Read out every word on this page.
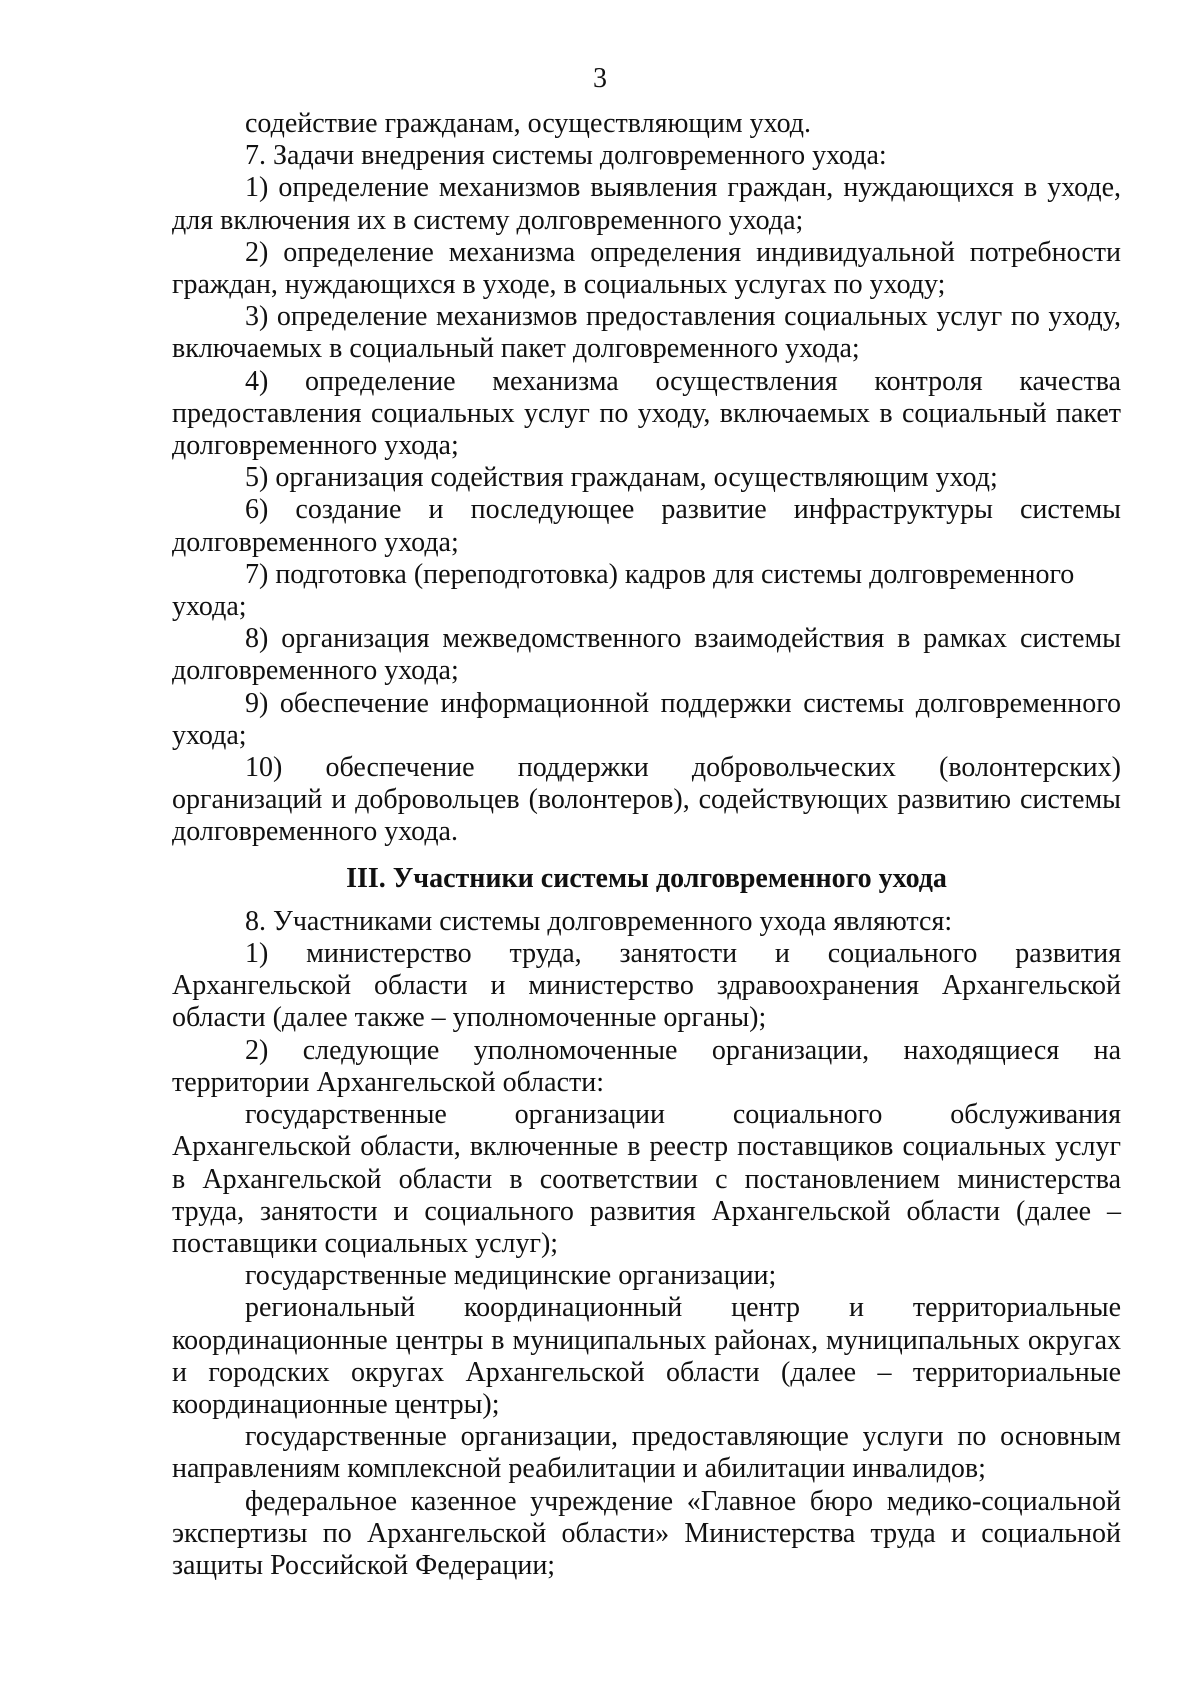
3

содействие гражданам, осуществляющим уход.

7. Задачи внедрения системы долговременного ухода:

1) определение механизмов выявления граждан, нуждающихся в уходе, для включения их в систему долговременного ухода;

2) определение механизма определения индивидуальной потребности граждан, нуждающихся в уходе, в социальных услугах по уходу;

3) определение механизмов предоставления социальных услуг по уходу, включаемых в социальный пакет долговременного ухода;

4) определение механизма осуществления контроля качества предоставления социальных услуг по уходу, включаемых в социальный пакет долговременного ухода;

5) организация содействия гражданам, осуществляющим уход;

6) создание и последующее развитие инфраструктуры системы долговременного ухода;

7) подготовка (переподготовка) кадров для системы долговременного ухода;

8) организация межведомственного взаимодействия в рамках системы долговременного ухода;

9) обеспечение информационной поддержки системы долговременного ухода;

10) обеспечение поддержки добровольческих (волонтерских) организаций и добровольцев (волонтеров), содействующих развитию системы долговременного ухода.

III. Участники системы долговременного ухода

8. Участниками системы долговременного ухода являются:

1) министерство труда, занятости и социального развития Архангельской области и министерство здравоохранения Архангельской области (далее также – уполномоченные органы);

2) следующие уполномоченные организации, находящиеся на территории Архангельской области:

государственные организации социального обслуживания Архангельской области, включенные в реестр поставщиков социальных услуг в Архангельской области в соответствии с постановлением министерства труда, занятости и социального развития Архангельской области (далее – поставщики социальных услуг);

государственные медицинские организации;

региональный координационный центр и территориальные координационные центры в муниципальных районах, муниципальных округах и городских округах Архангельской области (далее – территориальные координационные центры);

государственные организации, предоставляющие услуги по основным направлениям комплексной реабилитации и абилитации инвалидов;

федеральное казенное учреждение «Главное бюро медико-социальной экспертизы по Архангельской области» Министерства труда и социальной защиты Российской Федерации;
